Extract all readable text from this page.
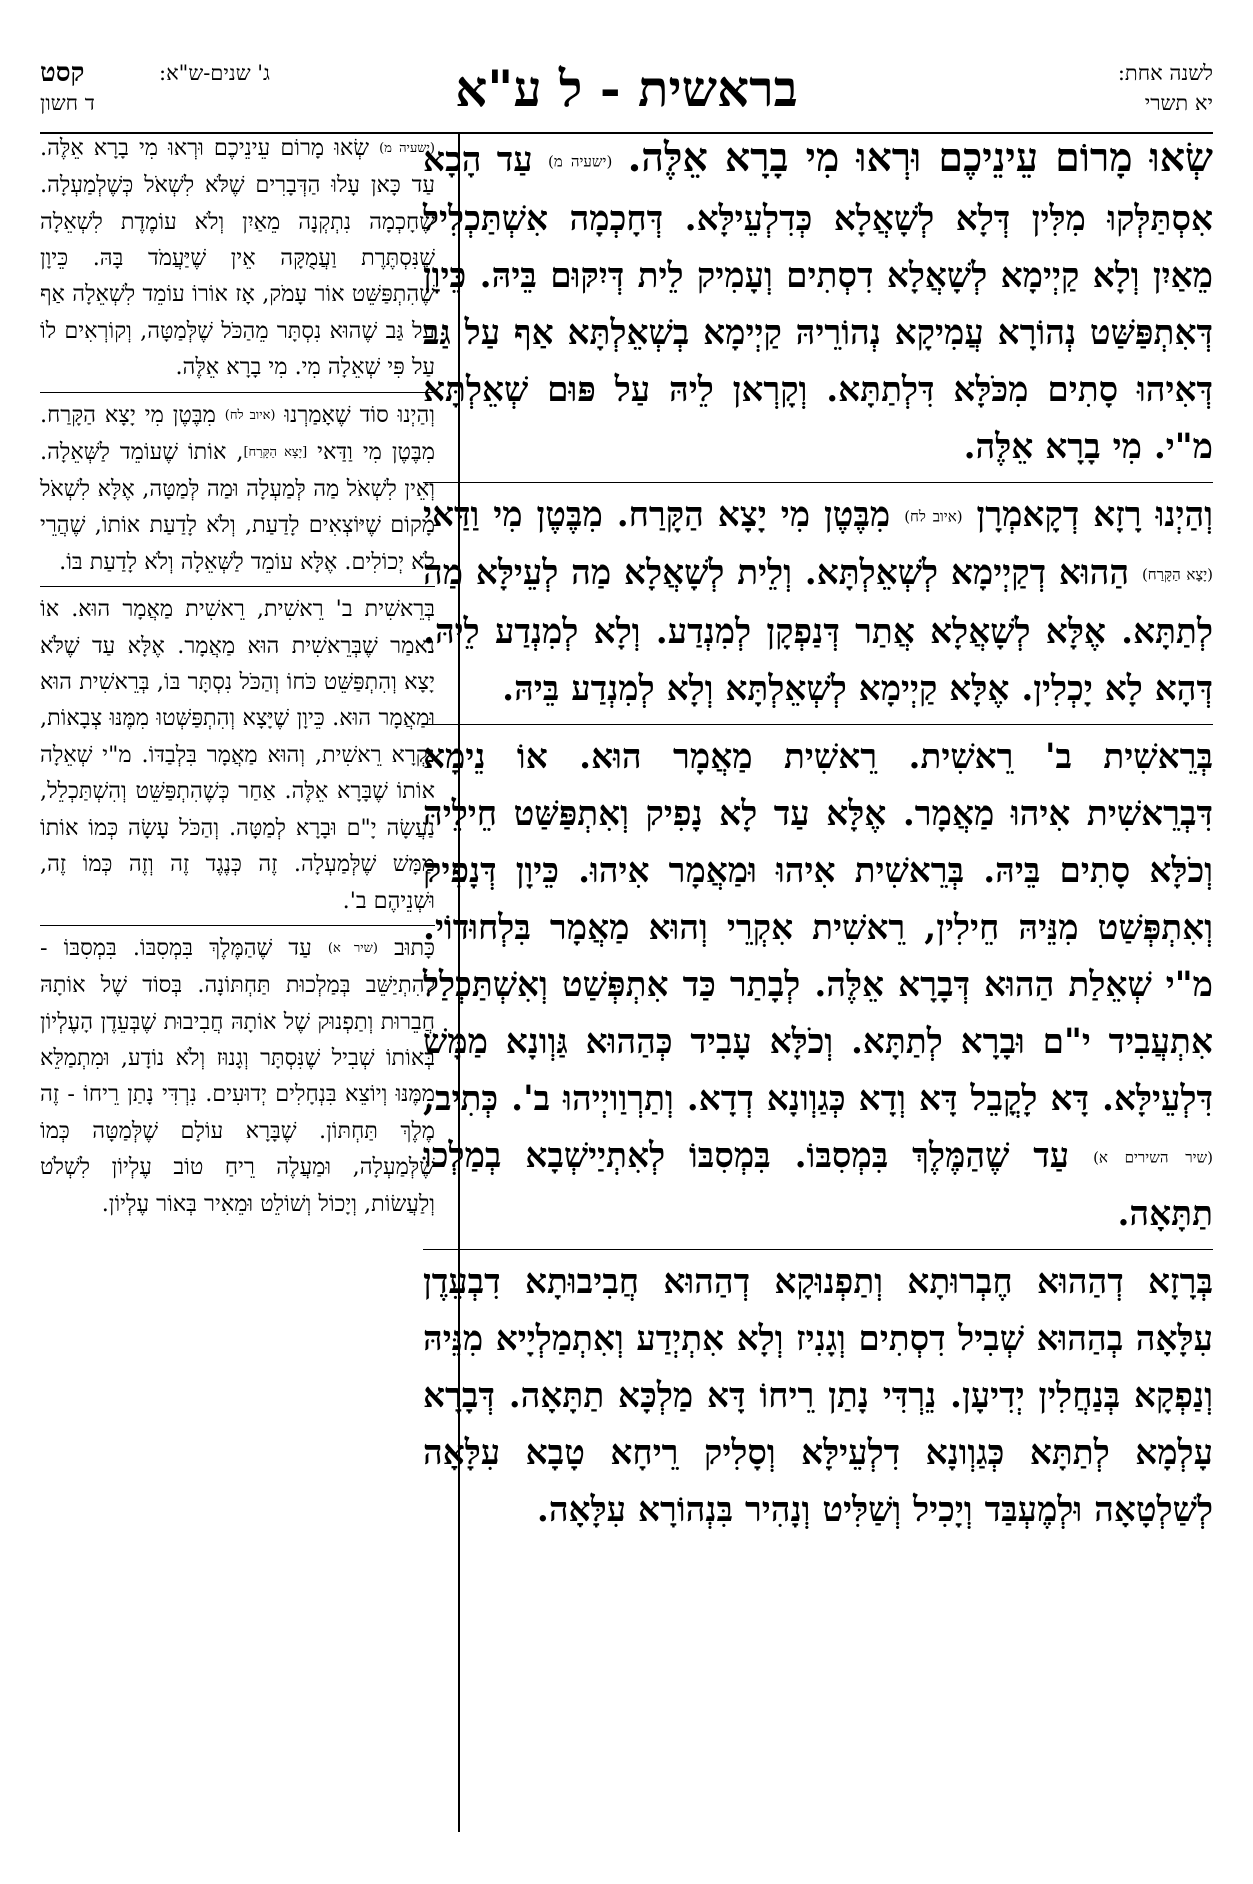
לשנה אחת:
יא תשרי
בראשית - ל ע"א
ג' שנים-ש"א:
קסט
ד חשון

שְׂאוּ מָרוֹם עֵינֵיכֶם וּרְאוּ מִי בָרָא אֵלֶּה. (ישעיה מ) עַד הָכָא אִסְתַּלְּקוּ מִלִּין דְּלָא לְשָׁאֲלָא כְּדִלְעֵילָּא. דְּחָכְמָה אִשְׁתַּכְלִיל מֵאַיִן וְלָא קַיְימָא לְשָׁאֲלָא דִסְתִים וְעָמִיק לֵית דְּיִקּוּם בֵּיהּ. כֵּיוָן דְּאִתְפַּשַּׁט נְהוֹרָא עֲמִיקָא נְהוֹרֵיהּ קַיְימָא בְשְׁאֵלְתָּא אַף עַל גַּב דְּאִיהוּ סָתִים מִכֹּלָּא דִּלְתַתָּא. וְקָרְאן לֵיהּ עַל פּוּם שְׁאֵלְתָּא מ"י. מִי בָרָא אֵלֶּה.

וְהַיְנוּ רָזָא דְקָאמְרָן (איוב לח) מִבֶּטֶן מִי יָצָא הַקָּרַח. מִבֶּטֶן מִי וַדַּאי (יָצָא הַקָּרַח) הַהוּא דְקַיְימָא לְשְׁאֵלְתָּא. וְלֵית לְשָׁאֲלָא מַה לְעֵילָּא מַה לְתַתָּא. אֶלָּא לְשָׁאֲלָא אֲתַר דְּנַפְקָן לְמִנְדַע. וְלָא לְמִנְדַע לֵיהּ. דְּהָא לָא יָכְלִין. אֶלָּא קַיְימָא לְשְׁאֵלְתָּא וְלָא לְמִנְדַע בֵּיהּ.

בְּרֵאשִׁית ב' רֵאשִׁית. רֵאשִׁית מַאֲמָר הוּא. אוֹ נֵימָא דִּבְרֵאשִׁית אִיהוּ מַאֲמָר. אֶלָּא עַד לָא נָפִיק וְאִתְפַּשַּׁט חֵילֵיהּ וְכֹלָּא סָתִים בֵּיהּ. בְּרֵאשִׁית אִיהוּ וּמַאֲמָר אִיהוּ. כֵּיוָן דְּנָפִיק וְאִתְפְּשַׁט מִנֵּיהּ חֵילִין, רֵאשִׁית אִקְרֵי וְהוּא מַאֲמָר בִּלְחוּדוֹי. מ"י שְׁאֵלַת הַהוּא דְּבָרָא אֵלֶּה. לְבָתַר כַּד אִתְפְּשַׁט וְאִשְׁתַּכְלַל אִתְעֲבִיד י"ם וּבָרָא לְתַתָּא. וְכֹלָּא עָבִיד כְּהַהוּא גַּוְונָא מַמָּשׁ דִּלְעֵילָּא. דָּא לָקֳבֵל דָּא וְדָא כְּגַוְונָא דְדָא. וְתַרְוַויְיהוּ ב'. כְּתִיב, (שיר השירים א) עַד שֶׁהַמֶּלֶךְ בִּמְסִבּוֹ. בִּמְסִבּוֹ לְאִתְיַישְׁבָא בְמַלְכוּ תַתָּאָה.

בְּרָזָא דְהַהוּא חֶבְרוּתָא וְתַפְנוּקָא דְהַהוּא חֲבִיבוּתָא דִבְעֵדֶן עִלָּאָה בְהַהוּא שְׁבִיל דִסְתִים וְגָנִיז וְלָא אִתְיְדַע וְאִתְמַלְיָיא מִנֵּיהּ וְנַפְקָא בְּנַחֲלִין יְדִיעָן. נֵרְדִּי נָתַן רֵיחוֹ דָּא מַלְכָּא תַתָּאָה. דְּבָרָא עָלְמָא לְתַתָּא כְּגַוְונָא דִלְעֵילָּא וְסָלִיק רֵיחָא טָבָא עִלָּאָה לְשַׁלְטָאָה וּלְמֶעְבַּד וְיָכִיל וְשַׁלִּיט וְנָהִיר בִּנְהוֹרָא עִלָּאָה.

(ישעיה מ) שְׂאוּ מָרוֹם עֵינֵיכֶם וּרְאוּ מִי בָרָא אֵלֶּה. עַד כָּאן עָלוּ הַדְּבָרִים שֶׁלֹּא לִשְׁאֹל כְּשֶׁלְמַעְלָה. שֶׁחָכְמָה נִתְקְנָה מֵאַיִן וְלֹא עוֹמֶדֶת לִשְׁאֵלָה שֶׁנִּסְתֶּרֶת וַעֲמֻקָּה אֵין שֶׁיַּעֲמֹד בָּהּ. כֵּיוָן שֶׁהִתְפַּשֵּׁט אוֹר עָמֹק, אָז אוֹרוֹ עוֹמֵד לִשְׁאֵלָה אַף עַל גַּב שֶׁהוּא נִסְתָּר מֵהַכֹּל שֶׁלְּמַטָּה, וְקוֹרְאִים לוֹ עַל פִּי שְׁאֵלָה מִי. מִי בָרָא אֵלֶּה.

וְהַיְנוּ סוֹד שֶׁאָמַרְנוּ (איוב לח) מִבֶּטֶן מִי יָצָא הַקָּרַח. מִבֶּטֶן מִי וַדַּאי [יָצָא הַקָּרַח], אוֹתוֹ שֶׁעוֹמֵד לַשְּׁאֵלָה. וְאֵין לִשְׁאֹל מַה לְּמַעְלָה וּמַה לְּמַטָּה, אֶלָּא לִשְׁאֹל מָקוֹם שֶׁיּוֹצְאִים לָדַעַת, וְלֹא לָדַעַת אוֹתוֹ, שֶׁהֲרֵי לֹא יְכוֹלִים. אֶלָּא עוֹמֵד לַשְּׁאֵלָה וְלֹא לָדַעַת בּוֹ.

בְּרֵאשִׁית ב' רֵאשִׁית, רֵאשִׁית מַאֲמָר הוּא. אוֹ נֹאמַר שֶׁבְּרֵאשִׁית הוּא מַאֲמָר. אֶלָּא עַד שֶׁלֹּא יָצָא וְהִתְפַּשֵּׁט כֹּחוֹ וְהַכֹּל נִסְתָּר בּוֹ, בְּרֵאשִׁית הוּא וּמַאֲמָר הוּא. כֵּיוָן שֶׁיָּצָא וְהִתְפַּשְּׁטוּ מִמֶּנּוּ צְבָאוֹת, נִקְרָא רֵאשִׁית, וְהוּא מַאֲמָר בִּלְבַדּוֹ. מ"י שְׁאֵלָה אוֹתוֹ שֶׁבָּרָא אֵלֶּה. אַחַר כְּשֶׁהִתְפַּשֵּׁט וְהִשְׁתַּכְלֵל, נַעֲשָׂה יָ"ם וּבָרָא לְמַטָּה. וְהַכֹּל עָשָׂה כְּמוֹ אוֹתוֹ מַמָּשׁ שֶׁלְּמַעְלָה. זֶה כְּנֶגֶד זֶה וְזֶה כְּמוֹ זֶה, וּשְׁנֵיהֶם ב'.

כָּתוּב (שיר א) עַד שֶׁהַמֶּלֶךְ בִּמְסִבּוֹ. בִּמְסִבּוֹ - לְהִתְיַשֵּׁב בְּמַלְכוּת תַּחְתּוֹנָה. בְּסוֹד שֶׁל אוֹתָהּ חֲבֵרוּת וְתַפְנוּק שֶׁל אוֹתָהּ חֲבִיבוּת שֶׁבְּעֵדֶן הָעֶלְיוֹן בְּאוֹתוֹ שְׁבִיל שֶׁנִּסְתָּר וְגָנוּז וְלֹא נוֹדָע, וּמִתְמַלֵּא מִמֶּנּוּ וְיוֹצֵא בִּנְחָלִים יְדוּעִים. נִרְדִּי נָתַן רֵיחוֹ - זֶה מֶלֶךְ תַּחְתּוֹן. שֶׁבָּרָא עוֹלָם שֶׁלְּמַטָּה כְּמוֹ שֶׁלְּמַעְלָה, וּמַעֲלֶה רֵיחַ טוֹב עֶלְיוֹן לִשְׁלֹט וְלַעֲשׂוֹת, וְיָכוֹל וְשׁוֹלֵט וּמֵאִיר בְּאוֹר עֶלְיוֹן.
